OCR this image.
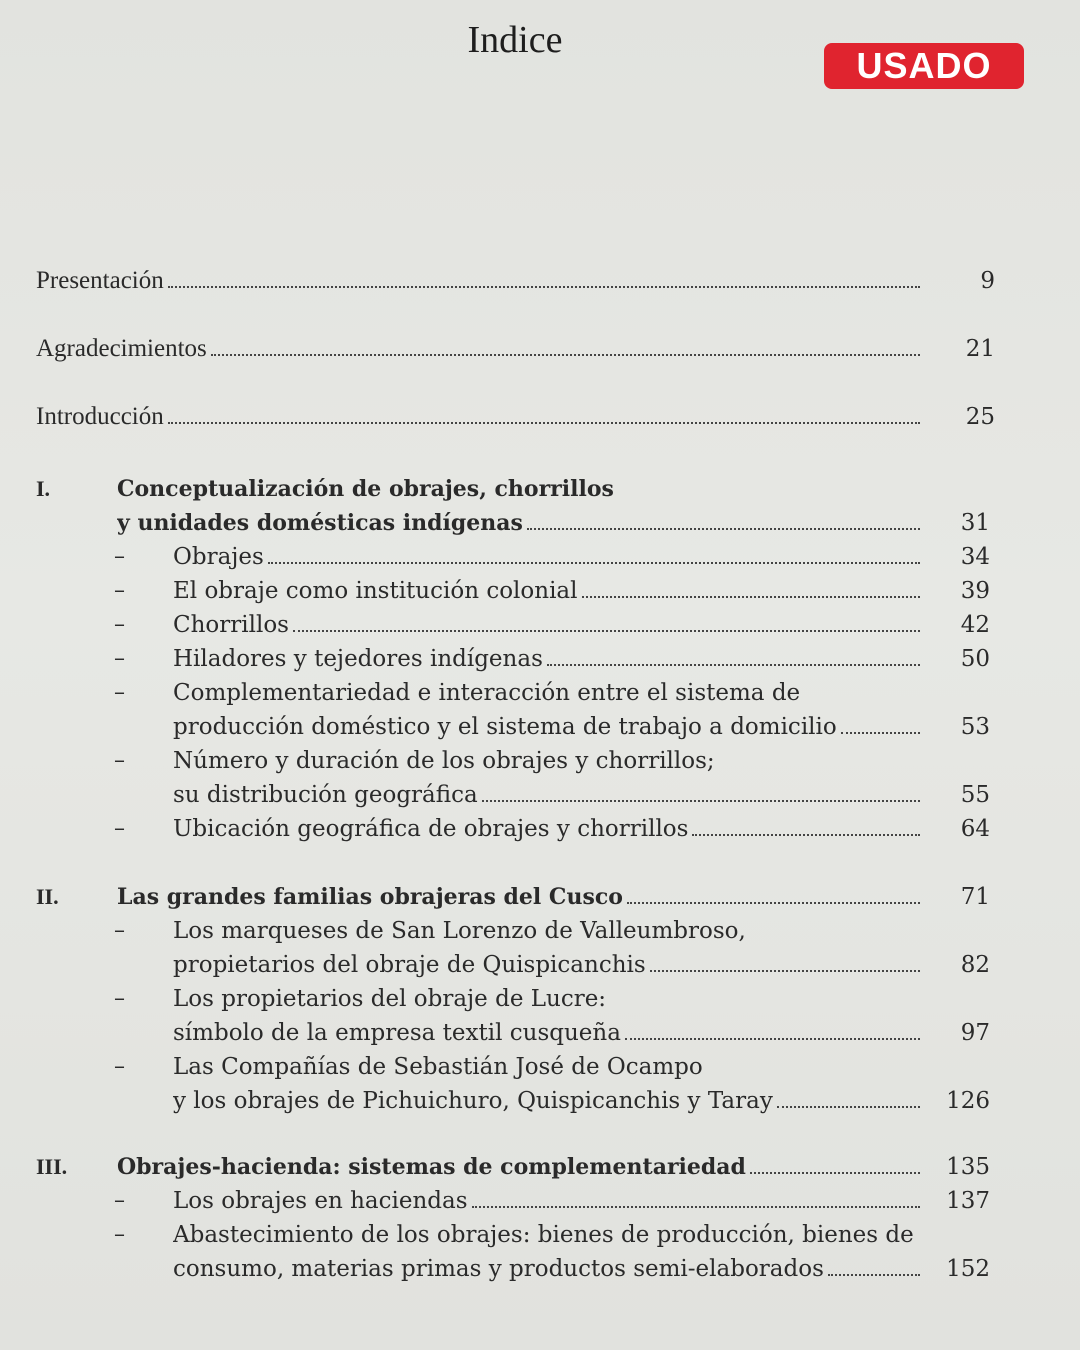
Indice
USADO
Presentación	9
Agradecimientos	21
Introducción	25
I.	Conceptualización de obrajes, chorrillos
y unidades domésticas indígenas	31
– Obrajes	34
– El obraje como institución colonial	39
– Chorrillos	42
– Hiladores y tejedores indígenas	50
– Complementariedad e interacción entre el sistema de
producción doméstico y el sistema de trabajo a domicilio	53
– Número y duración de los obrajes y chorrillos;
su distribución geográfica	55
– Ubicación geográfica de obrajes y chorrillos	64
II.	Las grandes familias obrajeras del Cusco	71
– Los marqueses de San Lorenzo de Valleumbroso,
propietarios del obraje de Quispicanchis	82
– Los propietarios del obraje de Lucre:
símbolo de la empresa textil cusqueña	97
– Las Compañías de Sebastián José de Ocampo
y los obrajes de Pichuichuro, Quispicanchis y Taray	126
III. Obrajes-hacienda: sistemas de complementariedad	135
– Los obrajes en haciendas	137
– Abastecimiento de los obrajes: bienes de producción, bienes de
consumo, materias primas y productos semi-elaborados	152
